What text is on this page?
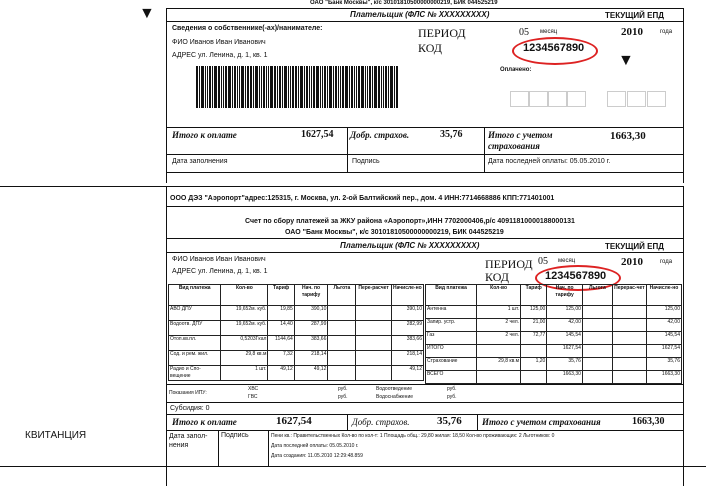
▼
▼
ОАО "Банк Москвы", к/с 30101810500000000219, БИК 044525219
Плательщик (ФЛС № XXXXXXXXX)	ТЕКУЩИЙ ЕПД
Сведения о собственнике(-ах)/нанимателе:
ФИО Иванов Иван Иванович
АДРЕС ул. Ленина, д. 1, кв. 1
ПЕРИОД	05 месяц	2010	года
КОД	1234567890
Оплачено:
Итого к оплате	1627,54 Добр. страхов.	35,76	Итого с учетом страхования
1663,30
Дата заполнения	Подпись	Дата последней оплаты: 05.05.2010 г.
ООО ДЭЗ "Аэропорт"адрес:125315, г. Москва, ул. 2-ой Балтийский пер., дом. 4 ИНН:7714668886 КПП:771401001
Счет по сбору платежей за ЖКУ района «Аэропорт»,ИНН 7702000406,р/с 40911810000188000131
ОАО "Банк Москвы", к/с 30101810500000000219, БИК 044525219
Плательщик (ФЛС № XXXXXXXXX)	ТЕКУЩИЙ ЕПД
ФИО Иванов Иван Иванович
АДРЕС ул. Ленина, д. 1, кв. 1
ПЕРИОД 05 месяц	2010	года
КОД	1234567890
Вид платежа	Кол-во	Тариф	Нач. по тарифу	Льгота	Пере-расчет	Начисле-но
АВО ДПУ	19,652м. куб.	19,85	390,10			390,10
Водоотв. ДПУ	19,652м. куб.	14,40	287,99			282,99
Отоп.кв.пл.	0,5203Гкал	1144,64	383,66			383,66
Сод. и рем. жил.	29,8 кв.м	7,32	218,14			218,14
Радио и Спо-вещение	1 шт.	49,12	49,12			49,12
Вид платежа	Кол-во	Тариф	Нач. по тарифу	Льгота	Перерас-чет	Начисле-но
Антенна	1 шт.	125,00	125,00			125,00
Запир. устр.	2 чел.	21,00	42,00			42,00
Газ	2 чел.	72,77	145,54			145,54
ИТОГО			1627,54			1627,54
Страхование	29,8 кв.м	1,20	35,76			35,76
ВСЕГО			1663,30			1663,30
Показания ИПУ:
ХВС
ГВС
руб.
руб.
Водоотведение
Водоснабжение
руб.
руб.
Субсидия: 0
Итого к оплате	1627,54	Добр. страхов. 35,76 Итого с учетом страхования	1663,30
Дата запол-нения
Подпись	Пени кв.: Правительственных Кол-во по кол-т: 1 Площадь общ.: 29,80 жилая: 18,50 Кол-во проживающих: 2 Льготников: 0
Дата последней оплаты: 05.05.2010 г.
Дата создания: 11.05.2010 12:29:48.859
КВИТАНЦИЯ
